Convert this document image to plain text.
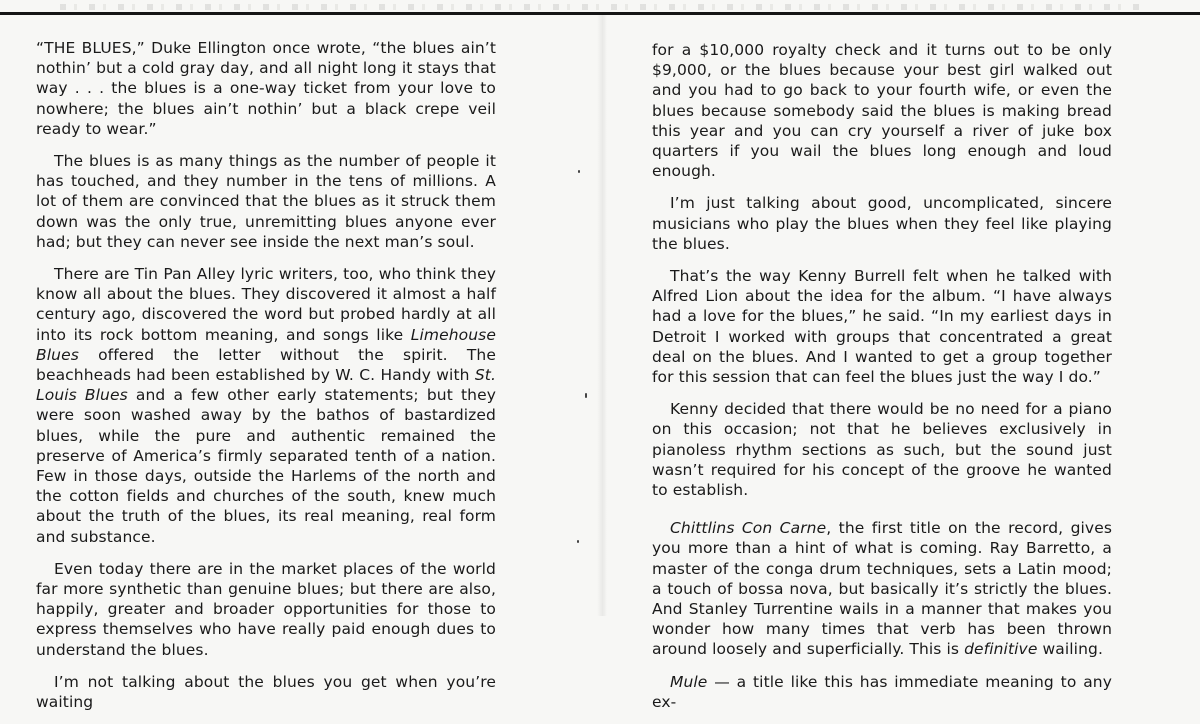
“THE BLUES,” Duke Ellington once wrote, “the blues ain’t nothin’ but a cold gray day, and all night long it stays that way . . . the blues is a one-way ticket from your love to nowhere; the blues ain’t nothin’ but a black crepe veil ready to wear.”

The blues is as many things as the number of people it has touched, and they number in the tens of millions. A lot of them are convinced that the blues as it struck them down was the only true, unremitting blues anyone ever had; but they can never see inside the next man’s soul.

There are Tin Pan Alley lyric writers, too, who think they know all about the blues. They discovered it almost a half century ago, discovered the word but probed hardly at all into its rock bottom meaning, and songs like Limehouse Blues offered the letter without the spirit. The beachheads had been established by W. C. Handy with St. Louis Blues and a few other early statements; but they were soon washed away by the bathos of bastardized blues, while the pure and authentic remained the preserve of America’s firmly separated tenth of a nation. Few in those days, outside the Harlems of the north and the cotton fields and churches of the south, knew much about the truth of the blues, its real meaning, real form and substance.

Even today there are in the market places of the world far more synthetic than genuine blues; but there are also, happily, greater and broader opportunities for those to express themselves who have really paid enough dues to understand the blues.

I’m not talking about the blues you get when you’re waiting

for a $10,000 royalty check and it turns out to be only $9,000, or the blues because your best girl walked out and you had to go back to your fourth wife, or even the blues because somebody said the blues is making bread this year and you can cry yourself a river of juke box quarters if you wail the blues long enough and loud enough.

I’m just talking about good, uncomplicated, sincere musicians who play the blues when they feel like playing the blues.

That’s the way Kenny Burrell felt when he talked with Alfred Lion about the idea for the album. “I have always had a love for the blues,” he said. “In my earliest days in Detroit I worked with groups that concentrated a great deal on the blues. And I wanted to get a group together for this session that can feel the blues just the way I do.”

Kenny decided that there would be no need for a piano on this occasion; not that he believes exclusively in pianoless rhythm sections as such, but the sound just wasn’t required for his concept of the groove he wanted to establish.

Chittlins Con Carne, the first title on the record, gives you more than a hint of what is coming. Ray Barretto, a master of the conga drum techniques, sets a Latin mood; a touch of bossa nova, but basically it’s strictly the blues. And Stanley Turrentine wails in a manner that makes you wonder how many times that verb has been thrown around loosely and superficially. This is definitive wailing.

Mule — a title like this has immediate meaning to any ex-
